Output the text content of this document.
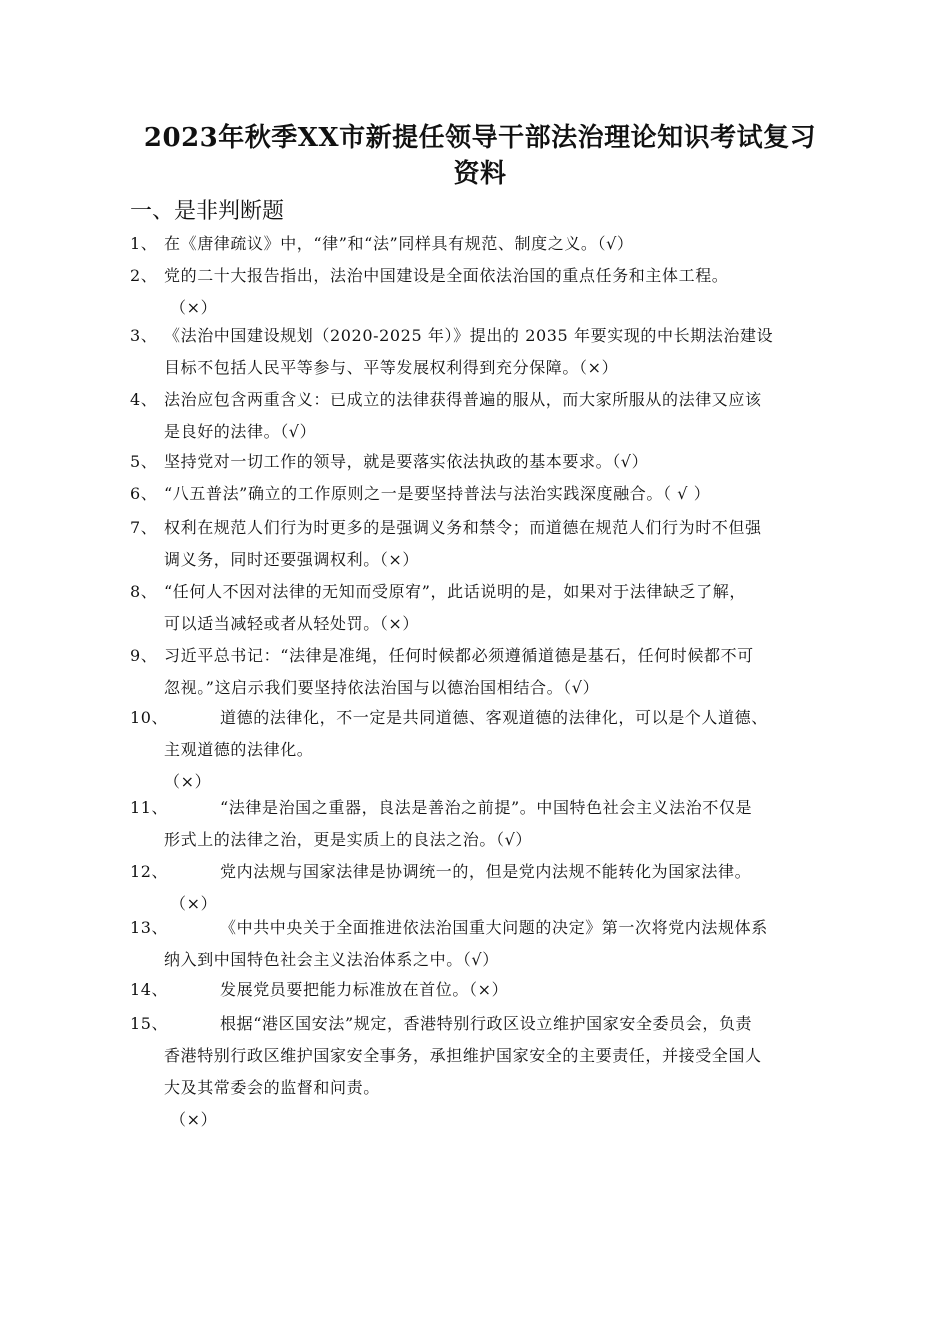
2023年秋季XX市新提任领导干部法治理论知识考试复习
资料
一、是非判断题
1、 在《唐律疏议》中，“律”和“法”同样具有规范、制度之义。（√）
2、 党的二十大报告指出，法治中国建设是全面依法治国的重点任务和主体工程。
（×）
3、 《法治中国建设规划（2020-2025 年）》提出的 2035 年要实现的中长期法治建设
目标不包括人民平等参与、平等发展权利得到充分保障。（×）
4、 法治应包含两重含义：已成立的法律获得普遍的服从，而大家所服从的法律又应该
是良好的法律。（√）
5、 坚持党对一切工作的领导，就是要落实依法执政的基本要求。（√）
6、 “八五普法”确立的工作原则之一是要坚持普法与法治实践深度融合。（ √ ）
7、 权利在规范人们行为时更多的是强调义务和禁令；而道德在规范人们行为时不但强
调义务，同时还要强调权利。（×）
8、 “任何人不因对法律的无知而受原宥”，此话说明的是，如果对于法律缺乏了解，
可以适当减轻或者从轻处罚。（×）
9、 习近平总书记：“法律是准绳，任何时候都必须遵循道德是基石，任何时候都不可
忽视。”这启示我们要坚持依法治国与以德治国相结合。（√）
10、	道德的法律化，不一定是共同道德、客观道德的法律化，可以是个人道德、
主观道德的法律化。
（×）
11、	“法律是治国之重器，良法是善治之前提”。中国特色社会主义法治不仅是
形式上的法律之治，更是实质上的良法之治。（√）
12、	党内法规与国家法律是协调统一的，但是党内法规不能转化为国家法律。
（×）
13、	《中共中央关于全面推进依法治国重大问题的决定》第一次将党内法规体系
纳入到中国特色社会主义法治体系之中。（√）
14、	发展党员要把能力标准放在首位。（×）
15、	根据“港区国安法”规定，香港特别行政区设立维护国家安全委员会，负责
香港特别行政区维护国家安全事务，承担维护国家安全的主要责任，并接受全国人
大及其常委会的监督和问责。
（×）
